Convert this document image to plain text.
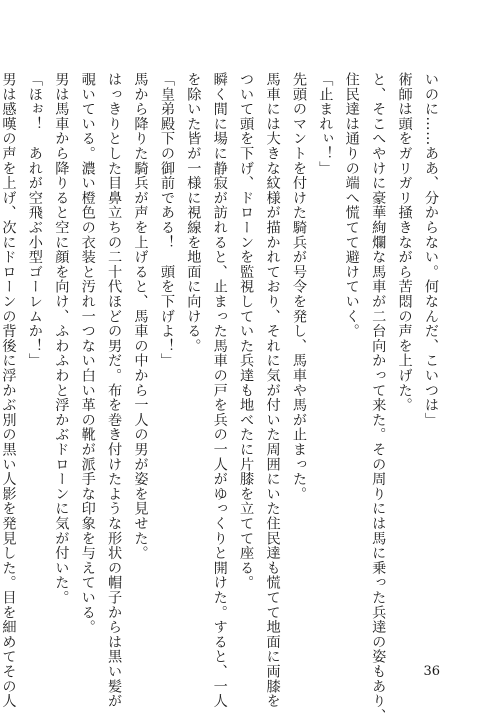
いのに……ああ、分からない。何なんだ、こいつは」
術師は頭をガリガリ掻きながら苦悶の声を上げた。
と、そこへやけに豪華絢爛な馬車が二台向かって来た。その周りには馬に乗った兵達の姿もあり、
住民達は通りの端へ慌てて避けていく。
「止まれぃ！」
先頭のマントを付けた騎兵が号令を発し、馬車や馬が止まった。
馬車には大きな紋様が描かれており、それに気が付いた周囲にいた住民達も慌てて地面に両膝を
ついて頭を下げ、ドローンを監視していた兵達も地べたに片膝を立てて座る。
瞬く間に場に静寂が訪れると、止まった馬車の戸を兵の一人がゆっくりと開けた。すると、一人
を除いた皆が一様に視線を地面に向ける。
「皇弟殿下の御前である！　頭を下げよ！」
馬から降りた騎兵が声を上げると、馬車の中から一人の男が姿を見せた。
はっきりとした目鼻立ちの二十代ほどの男だ。布を巻き付けたような形状の帽子からは黒い髪が
覗いている。濃い橙色の衣装と汚れ一つない白い革の靴が派手な印象を与えている。
男は馬車から降りると空に顔を向け、ふわふわと浮かぶドローンに気が付いた。
「ほぉ！　あれが空飛ぶ小型ゴーレムか！」
男は感嘆の声を上げ、次にドローンの背後に浮かぶ別の黒い人影を発見した。目を細めてその人	36
